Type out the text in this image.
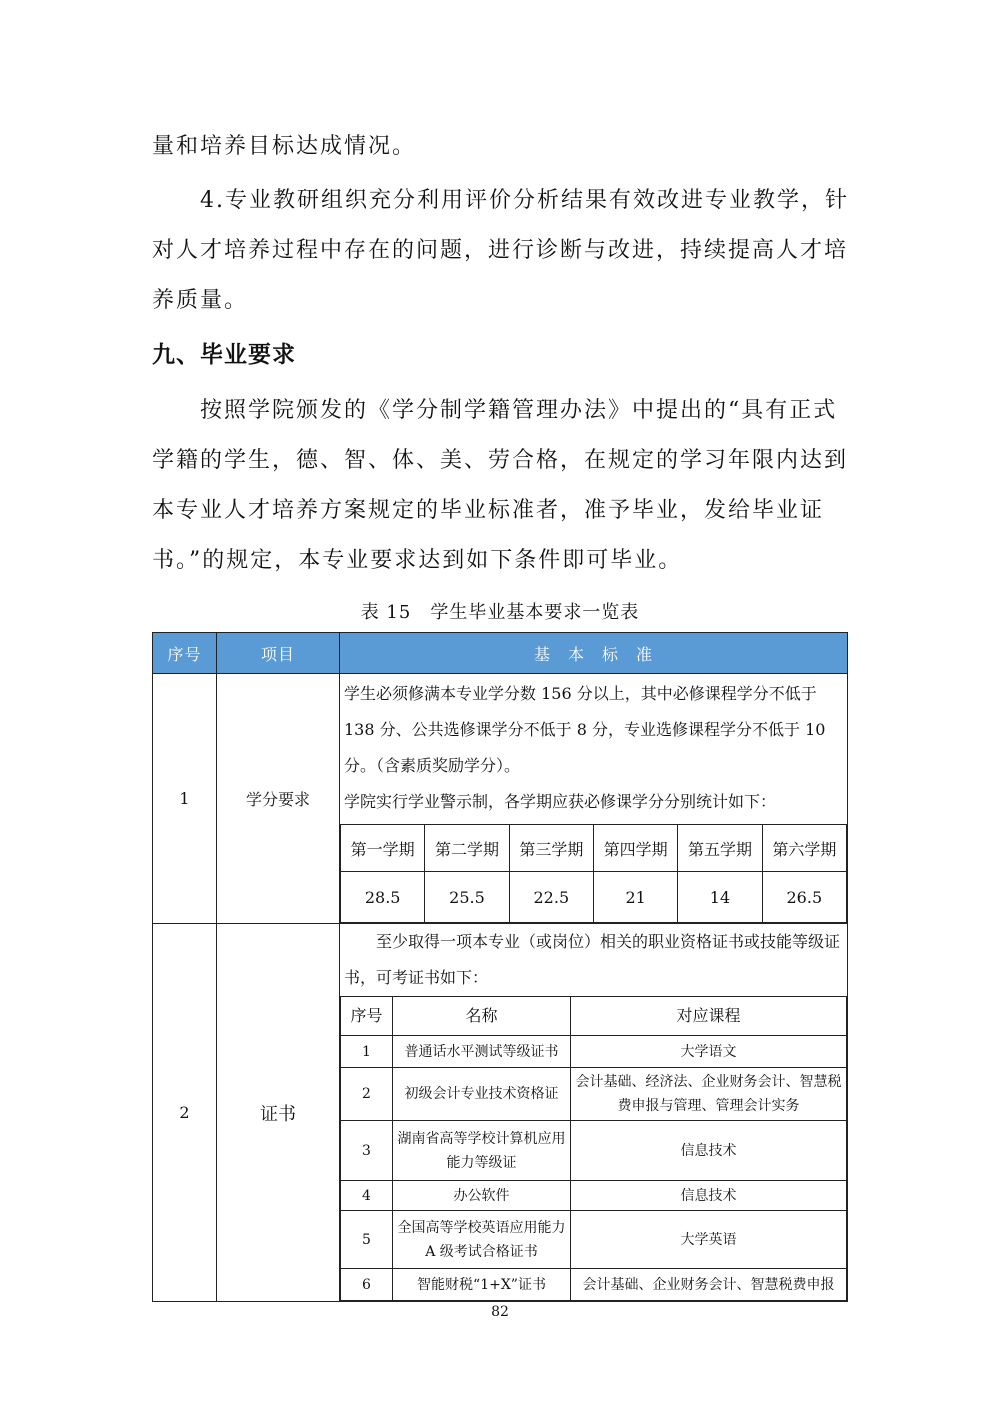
量和培养目标达成情况。

4.专业教研组织充分利用评价分析结果有效改进专业教学，针对人才培养过程中存在的问题，进行诊断与改进，持续提高人才培养质量。

九、毕业要求

按照学院颁发的《学分制学籍管理办法》中提出的“具有正式学籍的学生，德、智、体、美、劳合格，在规定的学习年限内达到本专业人才培养方案规定的毕业标准者，准予毕业，发给毕业证书。”的规定，本专业要求达到如下条件即可毕业。

表 15　学生毕业基本要求一览表

序号	项目	基　本　标　准
1	学分要求	
学生必须修满本专业学分数 156 分以上，其中必修课程学分不低于 138 分、公共选修课学分不低于 8 分，专业选修课程学分不低于 10 分。（含素质奖励学分）。
学院实行学业警示制，各学期应获必修课学分分别统计如下：
第一学期	第二学期	第三学期	第四学期	第五学期	第六学期
28.5	25.5	22.5	21	14	26.5

2	证书	
至少取得一项本专业（或岗位）相关的职业资格证书或技能等级证书，可考证书如下：
序号	名称	对应课程
1	普通话水平测试等级证书	大学语文
2	初级会计专业技术资格证	会计基础、经济法、企业财务会计、智慧税费申报与管理、管理会计实务
3	湖南省高等学校计算机应用能力等级证	信息技术
4	办公软件	信息技术
5	全国高等学校英语应用能力 A 级考试合格证书	大学英语
6	智能财税“1+X”证书	会计基础、企业财务会计、智慧税费申报

82
